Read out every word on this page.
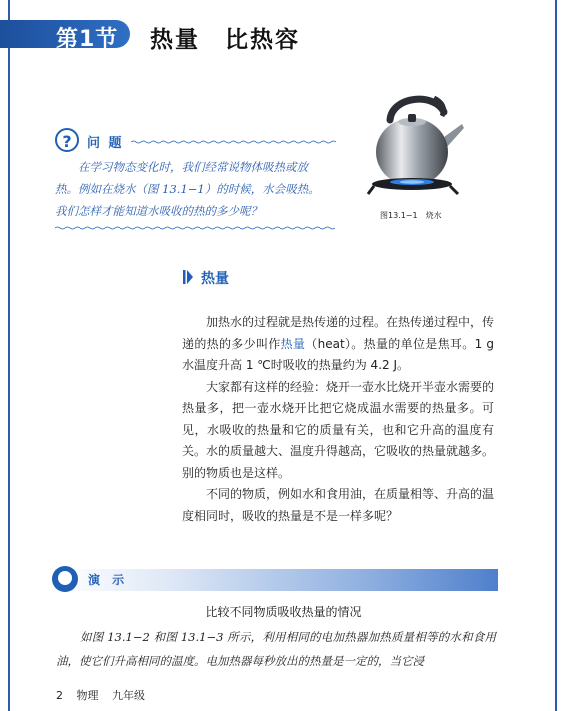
第1节 热量　比热容
?	问 题

在学习物态变化时，我们经常说物体吸热或放

热。例如在烧水（图 13.1−1）的时候，水会吸热。
我们怎样才能知道水吸收的热的多少呢？	图13.1−1　烧水
热量

加热水的过程就是热传递的过程。在热传递过程中，传递的热的多少叫作热量（heat）。热量的单位是焦耳。1 g 水温度升高 1 ℃时吸收的热量约为 4.2 J。

大家都有这样的经验：烧开一壶水比烧开半壶水需要的热量多，把一壶水烧开比把它烧成温水需要的热量多。可见，水吸收的热量和它的质量有关，也和它升高的温度有关。水的质量越大、温度升得越高，它吸收的热量就越多。别的物质也是这样。

不同的物质，例如水和食用油，在质量相等、升高的温度相同时，吸收的热量是不是一样多呢？

演 示
比较不同物质吸收热量的情况

如图 13.1−2 和图 13.1−3 所示，利用相同的电加热器加热质量相等的水和食用油，使它们升高相同的温度。电加热器每秒放出的热量是一定的，当它浸

2 物理 九年级
